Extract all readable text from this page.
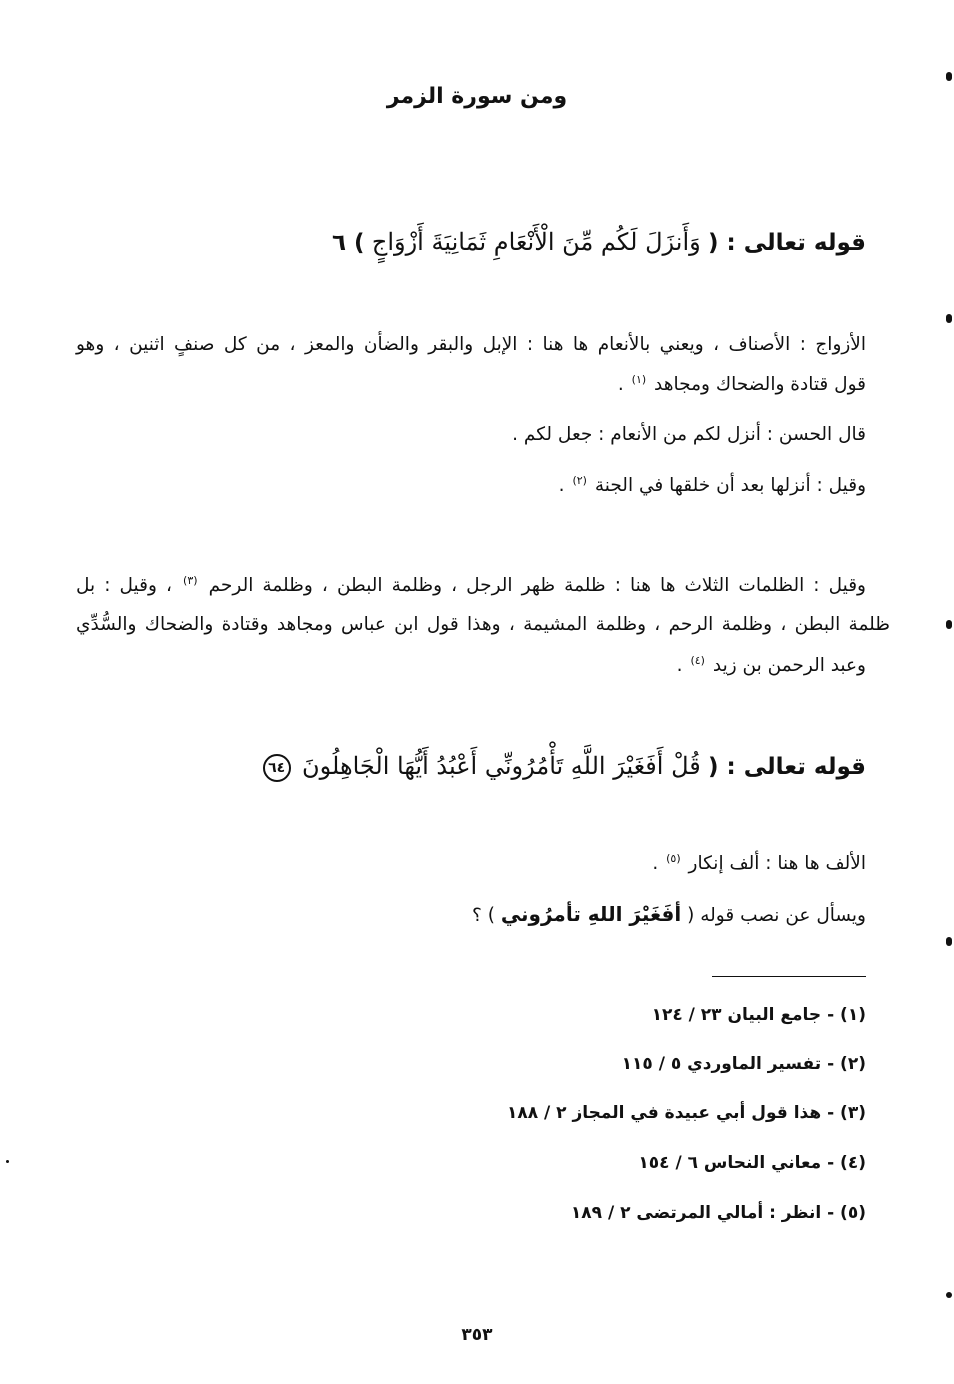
ومن سورة الزمر
قوله تعالى : ( وَأَنزَلَ لَكُم مِّنَ الْأَنْعَامِ ثَمَانِيَةَ أَزْوَاجٍ ) ٦
الأزواج : الأصناف ، ويعني بالأنعام ها هنا : الإبل والبقر والضأن والمعز ، من كل صنفٍ اثنين ، وهو
قول قتادة والضحاك ومجاهد $^{(١)}$ .
قال الحسن : أنزل لكم من الأنعام : جعل لكم .
وقيل : أنزلها بعد أن خلقها في الجنة $^{(٢)}$ .
وقيل : الظلمات الثلاث ها هنا : ظلمة ظهر الرجل ، وظلمة البطن ، وظلمة الرحم $^{(٣)}$ ، وقيل : بل
ظلمة البطن ، وظلمة الرحم ، وظلمة المشيمة ، وهذا قول ابن عباس ومجاهد وقتادة والضحاك والسُّدِّي
وعبد الرحمن بن زيد $^{(٤)}$ .
قوله تعالى : ( قُلْ أَفَغَيْرَ اللَّهِ تَأْمُرُونِّي أَعْبُدُ أَيُّهَا الْجَاهِلُونَ ٦٤
الألف ها هنا : ألف إنكار $^{(٥)}$ .
ويسأل عن نصب قوله ( أفَغَيْرَ اللهِ تأمرُوني ) ؟
(١) - جامع البيان ٢٣ / ١٢٤
(٢) - تفسير الماوردي ٥ / ١١٥
(٣) - هذا قول أبي عبيدة في المجاز ٢ / ١٨٨
(٤) - معاني النحاس ٦ / ١٥٤
(٥) - انظر : أمالي المرتضى ٢ / ١٨٩
٣٥٣
